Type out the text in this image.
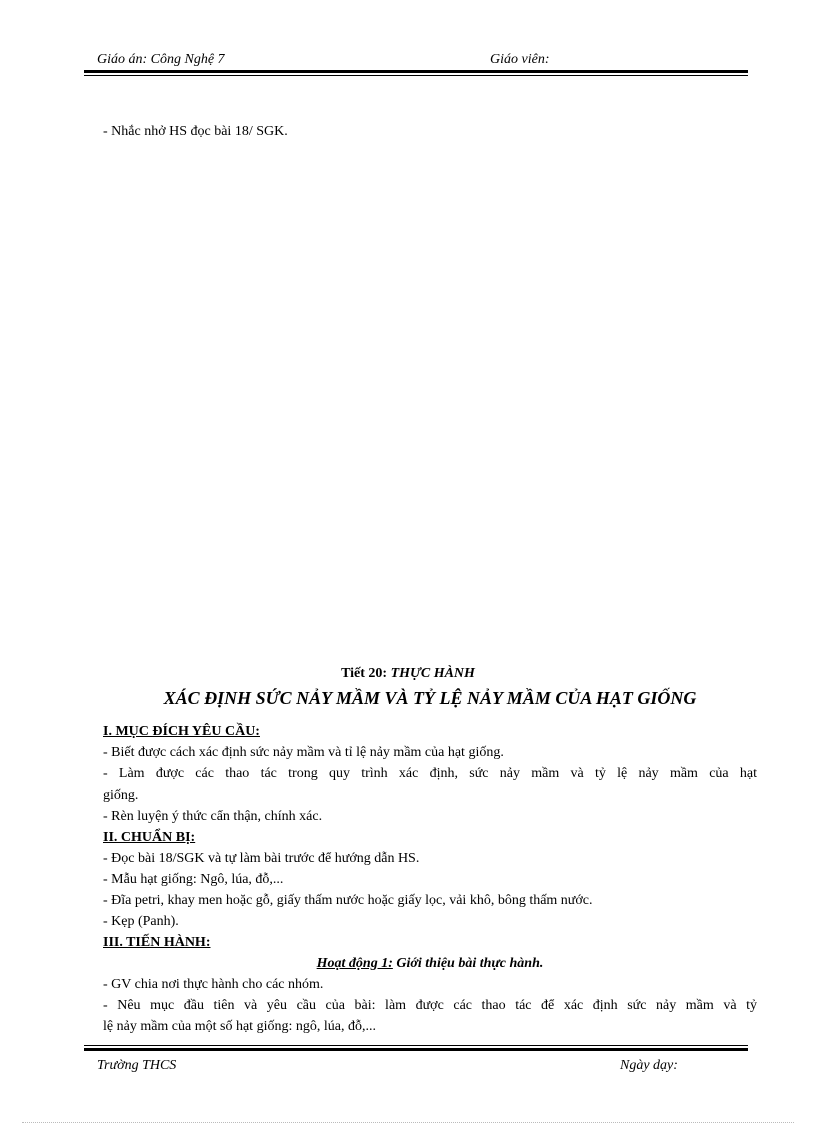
Giáo án: Công Nghệ 7	Giáo viên:
- Nhắc nhở HS đọc bài 18/ SGK.
Tiết 20: THỰC HÀNH
XÁC ĐỊNH SỨC NẢY MẦM VÀ TỶ LỆ NẢY MẦM CỦA HẠT GIỐNG
I. MỤC ĐÍCH YÊU CẦU:
- Biết được cách xác định sức nảy mầm và tỉ lệ nảy mầm của hạt giống.
- Làm được các thao tác trong quy trình xác định, sức nảy mầm và tỷ lệ nảy mầm của hạt
giống.
- Rèn luyện ý thức cẩn thận, chính xác.
II. CHUẨN BỊ:
- Đọc bài 18/SGK và tự làm bài trước để hướng dẫn HS.
- Mẫu hạt giống: Ngô, lúa, đỗ,...
- Đĩa petri, khay men hoặc gỗ, giấy thấm nước hoặc giấy lọc, vải khô, bông thấm nước.
- Kẹp (Panh).
III. TIẾN HÀNH:
Hoạt động 1: Giới thiệu bài thực hành.
- GV chia nơi thực hành cho các nhóm.
- Nêu mục đầu tiên và yêu cầu của bài: làm được các thao tác để xác định sức nảy mầm và tỷ
lệ nảy mầm của một số hạt giống: ngô, lúa, đỗ,...
Trường THCS	Ngày dạy:
